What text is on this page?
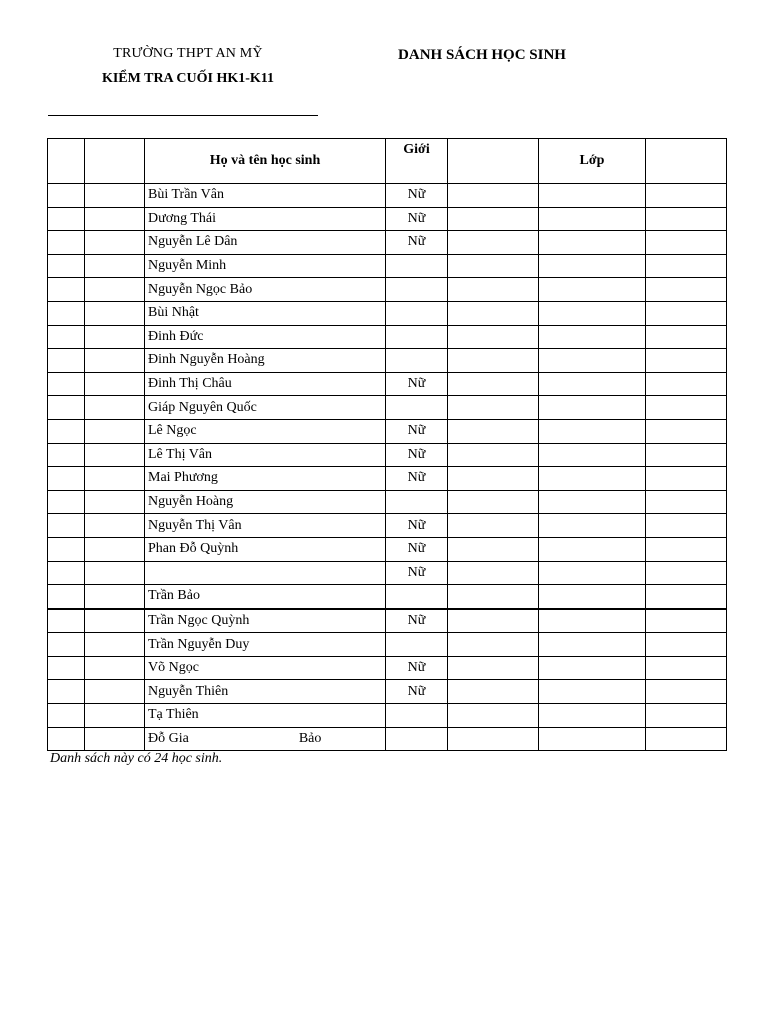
TRƯỜNG THPT AN MỸ
KIỂM TRA CUỐI HK1-K11
DANH SÁCH HỌC SINH
		Họ và tên học sinh	Giới		Lớp	
		Bùi Trần Vân	Nữ			
		Dương Thái	Nữ			
		Nguyễn Lê Dân	Nữ			
		Nguyễn Minh				
		Nguyễn Ngọc Bảo				
		Bùi Nhật				
		Đinh Đức				
		Đinh Nguyễn Hoàng				
		Đinh Thị Châu	Nữ			
		Giáp Nguyên Quốc				
		Lê Ngọc	Nữ			
		Lê Thị Vân	Nữ			
		Mai Phương	Nữ			
		Nguyễn Hoàng				
		Nguyễn Thị Vân	Nữ			
		Phan Đỗ Quỳnh	Nữ			
			Nữ			
		Trần Bảo				
		Trần Ngọc Quỳnh	Nữ			
		Trần Nguyễn Duy				
		Võ Ngọc	Nữ			
		Nguyễn Thiên	Nữ			
		Tạ Thiên				
		Đỗ Gia Bảo				
Danh sách này có 24 học sinh.
